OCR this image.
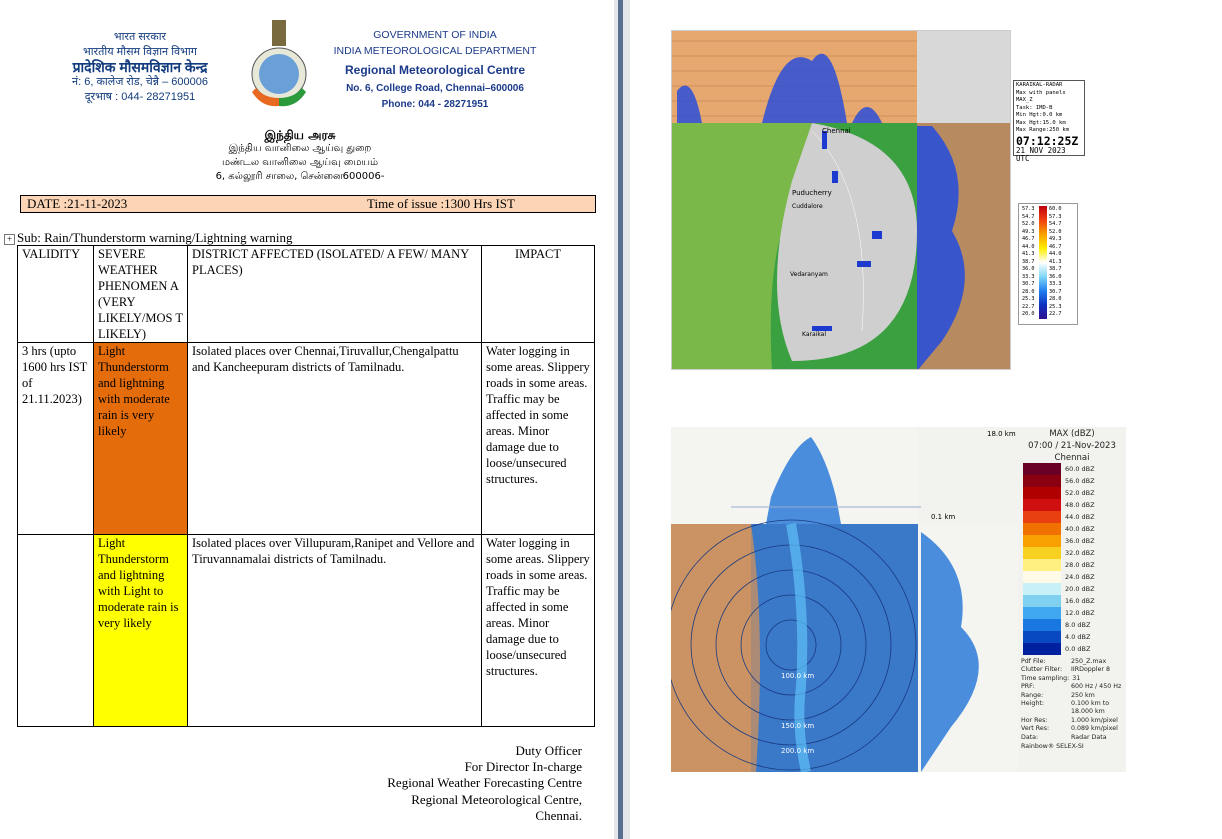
भारत सरकार
भारतीय मौसम विज्ञान विभाग
प्रादेशिक मौसमविज्ञान केन्द्र
नं: 6, कालेज रोड, चेन्नै – 600006
दूरभाष : 044- 28271951
GOVERNMENT OF INDIA
INDIA METEOROLOGICAL DEPARTMENT
Regional Meteorological Centre
No. 6, College Road, Chennai–600006
Phone: 044 - 28271951
இந்திய அரசு
இந்திய வானிலை ஆய்வு துறை
மண்டல வானிலை ஆய்வு மையம்
6, கல்லூரி சாலை, சென்னை600006-
DATE :21-11-2023	Time of issue :1300 Hrs IST
+ Sub: Rain/Thunderstorm warning/Lightning warning
VALIDITY	SEVERE WEATHER PHENOMEN A (VERY LIKELY/MOS T LIKELY)	DISTRICT AFFECTED (ISOLATED/ A FEW/ MANY PLACES)	IMPACT
3 hrs (upto 1600 hrs IST of 21.11.2023)	Light Thunderstorm and lightning with moderate rain is very likely	Isolated places over Chennai,Tiruvallur,Chengalpattu and Kancheepuram districts of Tamilnadu.	Water logging in some areas. Slippery roads in some areas. Traffic may be affected in some areas. Minor damage due to loose/unsecured structures.
	Light Thunderstorm and lightning with Light to moderate rain is very likely	Isolated places over Villupuram,Ranipet and Vellore and Tiruvannamalai districts of Tamilnadu.	Water logging in some areas. Slippery roads in some areas. Traffic may be affected in some areas. Minor damage due to loose/unsecured structures.
Duty Officer
For Director In-charge
Regional Weather Forecasting Centre
Regional Meteorological Centre,
Chennai.
Chennai
Puducherry
Cuddalore
Vedaranyam
Karaikal
KARAIKAL-RADAR
Max with panels
MAX_Z
Task: IMD-B
Min Hgt:0.0 km
Max Hgt:15.0 km
Max Range:250 km
07:12:25Z
21 NOV 2023 UTC
57.3
54.7
52.0
49.3
46.7
44.0
41.3
38.7
36.0
33.3
30.7
28.0
25.3
22.7
20.0
60.0
57.3
54.7
52.0
49.3
46.7
44.0
41.3
38.7
36.0
33.3
30.7
28.0
25.3
22.7
0.1 km
18.0 km
100.0 km
150.0 km
200.0 km
MAX (dBZ)
07:00 / 21-Nov-2023
Chennai
60.0 dBZ
56.0 dBZ
52.0 dBZ
48.0 dBZ
44.0 dBZ
40.0 dBZ
36.0 dBZ
32.0 dBZ
28.0 dBZ
24.0 dBZ
20.0 dBZ
16.0 dBZ
12.0 dBZ
8.0 dBZ
4.0 dBZ
0.0 dBZ
Pdf File:	250_Z.max
Clutter Filter:	IIRDoppler 8
Time sampling: 31
PRF:	600 Hz / 450 Hz
Range:	250 km
Height:	0.100 km to 18.000 km
Hor Res:	1.000 km/pixel
Vert Res:	0.089 km/pixel
Data:	Radar Data
Rainbow® SELEX-SI
